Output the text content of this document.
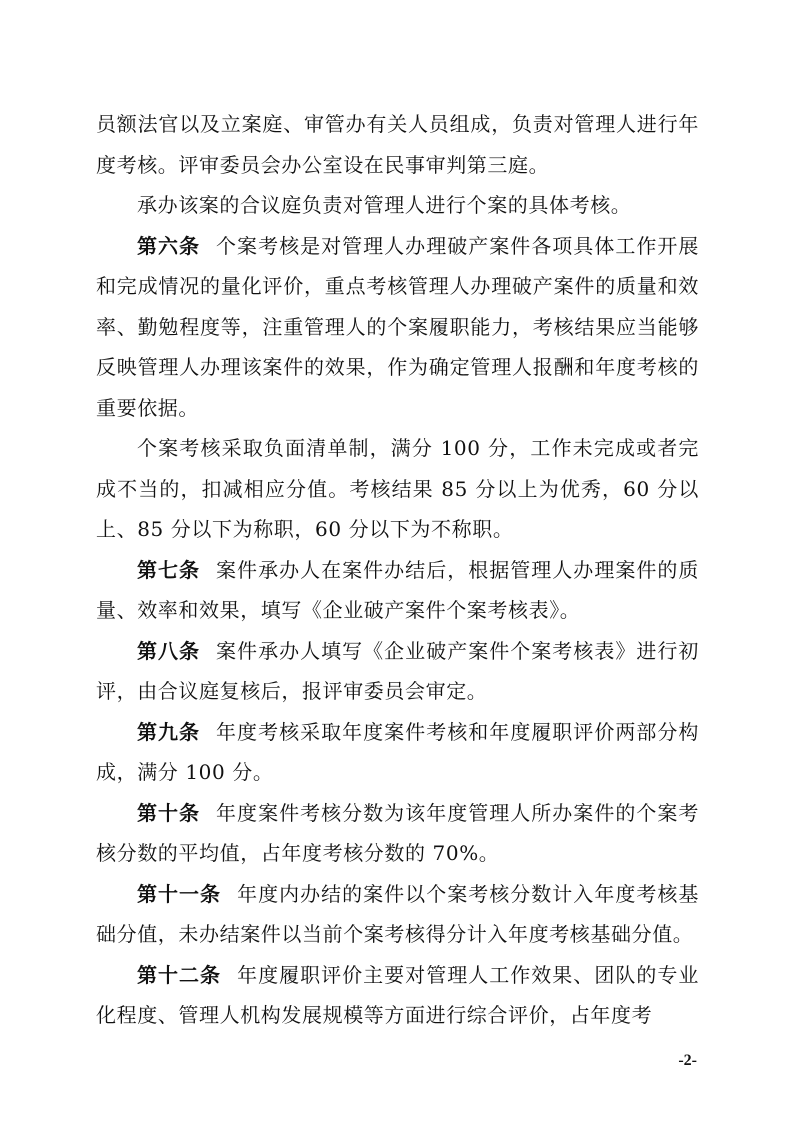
员额法官以及立案庭、审管办有关人员组成，负责对管理人进行年度考核。评审委员会办公室设在民事审判第三庭。

承办该案的合议庭负责对管理人进行个案的具体考核。

第六条 个案考核是对管理人办理破产案件各项具体工作开展和完成情况的量化评价，重点考核管理人办理破产案件的质量和效率、勤勉程度等，注重管理人的个案履职能力，考核结果应当能够反映管理人办理该案件的效果，作为确定管理人报酬和年度考核的重要依据。

个案考核采取负面清单制，满分 100 分，工作未完成或者完成不当的，扣减相应分值。考核结果 85 分以上为优秀，60 分以上、85 分以下为称职，60 分以下为不称职。

第七条 案件承办人在案件办结后，根据管理人办理案件的质量、效率和效果，填写《企业破产案件个案考核表》。

第八条 案件承办人填写《企业破产案件个案考核表》进行初评，由合议庭复核后，报评审委员会审定。

第九条 年度考核采取年度案件考核和年度履职评价两部分构成，满分 100 分。

第十条 年度案件考核分数为该年度管理人所办案件的个案考核分数的平均值，占年度考核分数的 70%。

第十一条 年度内办结的案件以个案考核分数计入年度考核基础分值，未办结案件以当前个案考核得分计入年度考核基础分值。

第十二条 年度履职评价主要对管理人工作效果、团队的专业化程度、管理人机构发展规模等方面进行综合评价，占年度考

-2-
